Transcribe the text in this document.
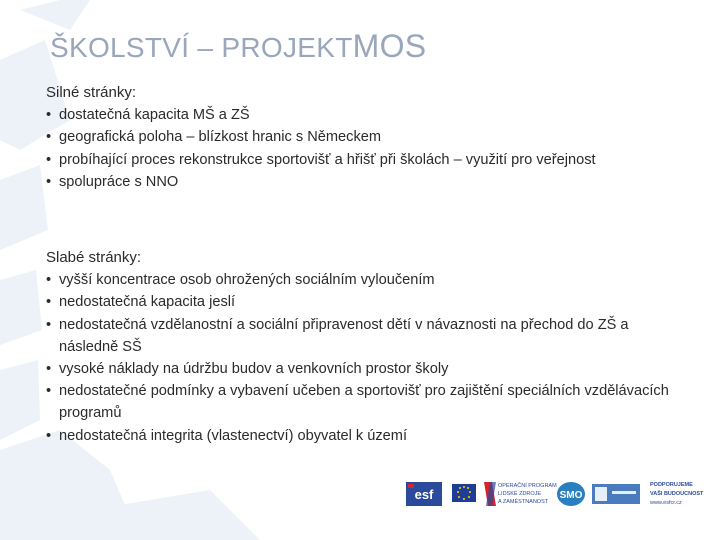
ŠKOLSTVÍ – PROJEKTMOS

Silné stránky:

• dostatečná kapacita MŠ a ZŠ
• geografická poloha – blízkost hranic s Německem
• probíhající proces rekonstrukce sportovišť a hřišť při školách – využití pro veřejnost
• spolupráce s NNO

Slabé stránky:

• vyšší koncentrace osob ohrožených sociálním vyloučením
• nedostatečná kapacita jeslí
• nedostatečná vzdělanostní a sociální připravenost dětí v návaznosti na přechod do ZŠ a následně SŠ
• vysoké náklady na údržbu budov a venkovních prostor školy
• nedostatečné podmínky a vybavení učeben a sportovišť pro zajištění speciálních vzdělávacích programů
• nedostatečná integrita (vlastenectví) obyvatel k území
esf
OPERAČNÍ PROGRAM
LIDSKÉ ZDROJE
A ZAMĚSTNANOST
SMO
PODPORUJEME
VAŠI BUDOUCNOST
www.esfcr.cz
